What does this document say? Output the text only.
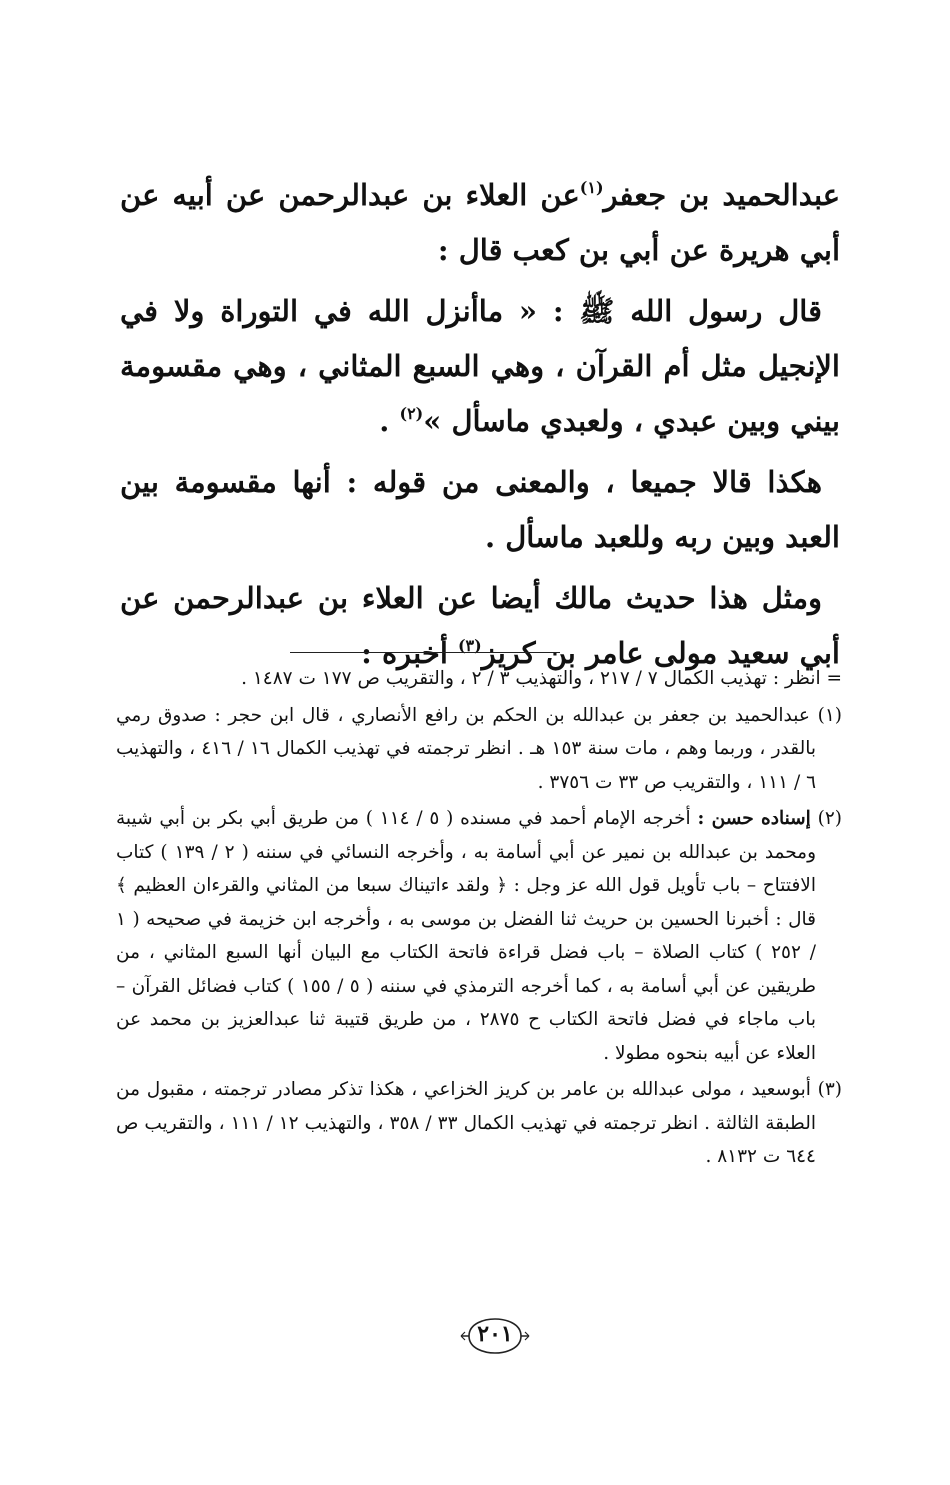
عبدالحميد بن جعفر$^{(١)}$عن العلاء بن عبدالرحمن عن أبيه عن أبي هريرة عن أبي بن كعب قال :

قال رسول الله ﷺ : « ماأنزل الله في التوراة ولا في الإنجيل مثل أم القرآن ، وهي السبع المثاني ، وهي مقسومة بيني وبين عبدي ، ولعبدي ماسأل »$^{(٢)}$ .

هكذا قالا جميعا ، والمعنى من قوله : أنها مقسومة بين العبد وبين ربه وللعبد ماسأل .

ومثل هذا حديث مالك أيضا عن العلاء بن عبدالرحمن عن أبي سعيد مولى عامر بن كريز$^{(٣)}$ أخبره :

= انظر : تهذيب الكمال ٧ / ٢١٧ ، والتهذيب ٣ / ٢ ، والتقريب ص ١٧٧ ت ١٤٨٧ .

(١) عبدالحميد بن جعفر بن عبدالله بن الحكم بن رافع الأنصاري ، قال ابن حجر : صدوق رمي بالقدر ، وربما وهم ، مات سنة ١٥٣ هـ . انظر ترجمته في تهذيب الكمال ١٦ / ٤١٦ ، والتهذيب ٦ / ١١١ ، والتقريب ص ٣٣ ت ٣٧٥٦ .

(٢) إسناده حسن : أخرجه الإمام أحمد في مسنده ( ٥ / ١١٤ ) من طريق أبي بكر بن أبي شيبة ومحمد بن عبدالله بن نمير عن أبي أسامة به ، وأخرجه النسائي في سننه ( ٢ / ١٣٩ ) كتاب الافتتاح – باب تأويل قول الله عز وجل : ﴿ ولقد ءاتيناك سبعا من المثاني والقرءان العظيم ﴾ قال : أخبرنا الحسين بن حريث ثنا الفضل بن موسى به ، وأخرجه ابن خزيمة في صحيحه ( ١ / ٢٥٢ ) كتاب الصلاة – باب فضل قراءة فاتحة الكتاب مع البيان أنها السبع المثاني ، من طريقين عن أبي أسامة به ، كما أخرجه الترمذي في سننه ( ٥ / ١٥٥ ) كتاب فضائل القرآن – باب ماجاء في فضل فاتحة الكتاب ح ٢٨٧٥ ، من طريق قتيبة ثنا عبدالعزيز بن محمد عن العلاء عن أبيه بنحوه مطولا .

(٣) أبوسعيد ، مولى عبدالله بن عامر بن كريز الخزاعي ، هكذا تذكر مصادر ترجمته ، مقبول من الطبقة الثالثة . انظر ترجمته في تهذيب الكمال ٣٣ / ٣٥٨ ، والتهذيب ١٢ / ١١١ ، والتقريب ص ٦٤٤ ت ٨١٣٢ .

٢٠١
